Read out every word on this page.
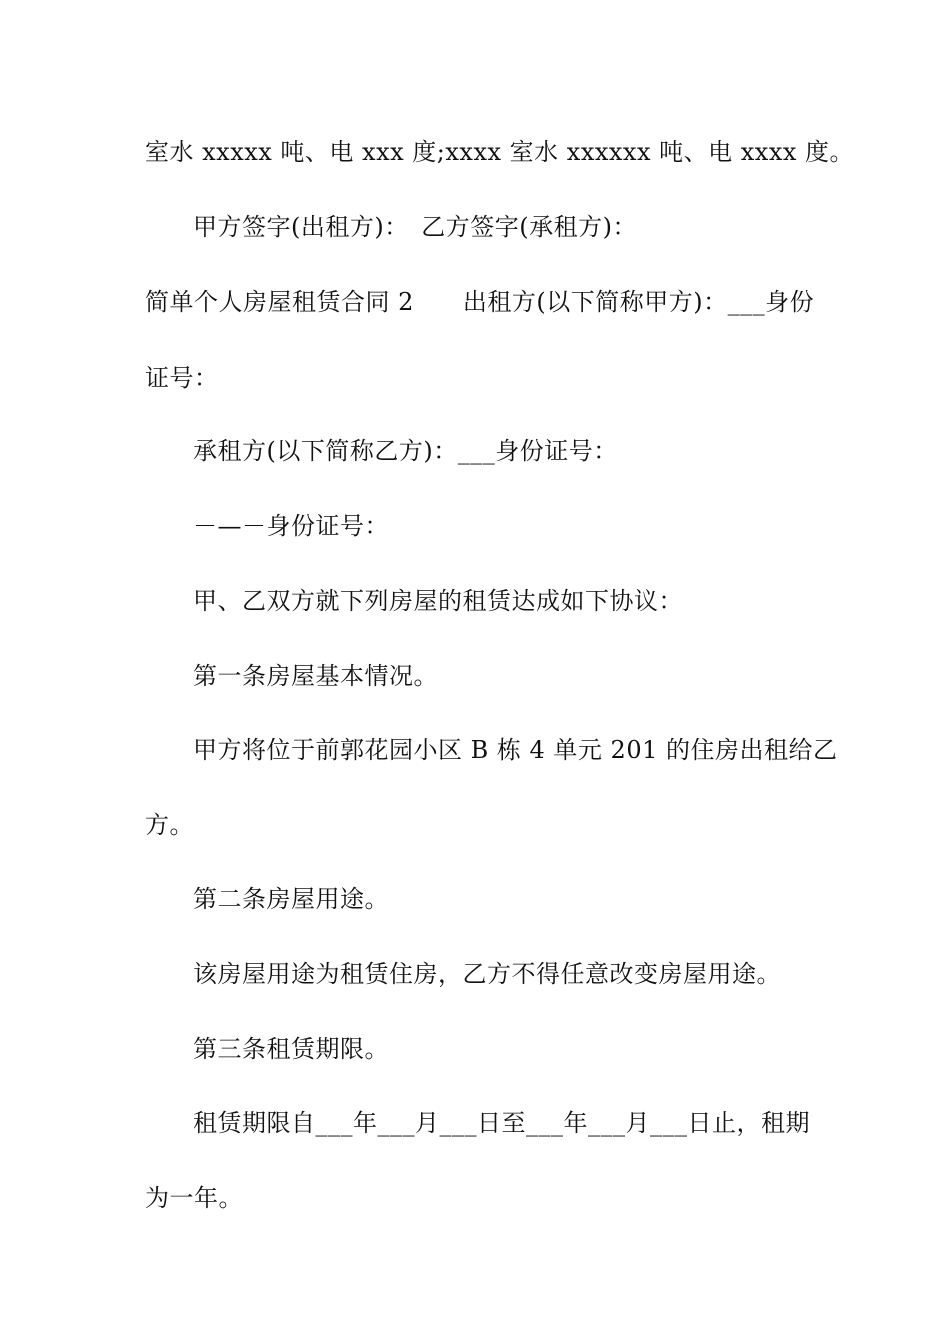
室水 xxxxx 吨、电 xxx 度;xxxx 室水 xxxxxx 吨、电 xxxx 度。
甲方签字(出租方)：　乙方签字(承租方)：
简单个人房屋租赁合同 2　　出租方(以下简称甲方)：___身份
证号：
承租方(以下简称乙方)：___身份证号：
－—－身份证号：
甲、乙双方就下列房屋的租赁达成如下协议：
第一条房屋基本情况。
甲方将位于前郭花园小区 B 栋 4 单元 201 的住房出租给乙
方。
第二条房屋用途。
该房屋用途为租赁住房，乙方不得任意改变房屋用途。
第三条租赁期限。
租赁期限自___年___月___日至___年___月___日止，租期
为一年。
